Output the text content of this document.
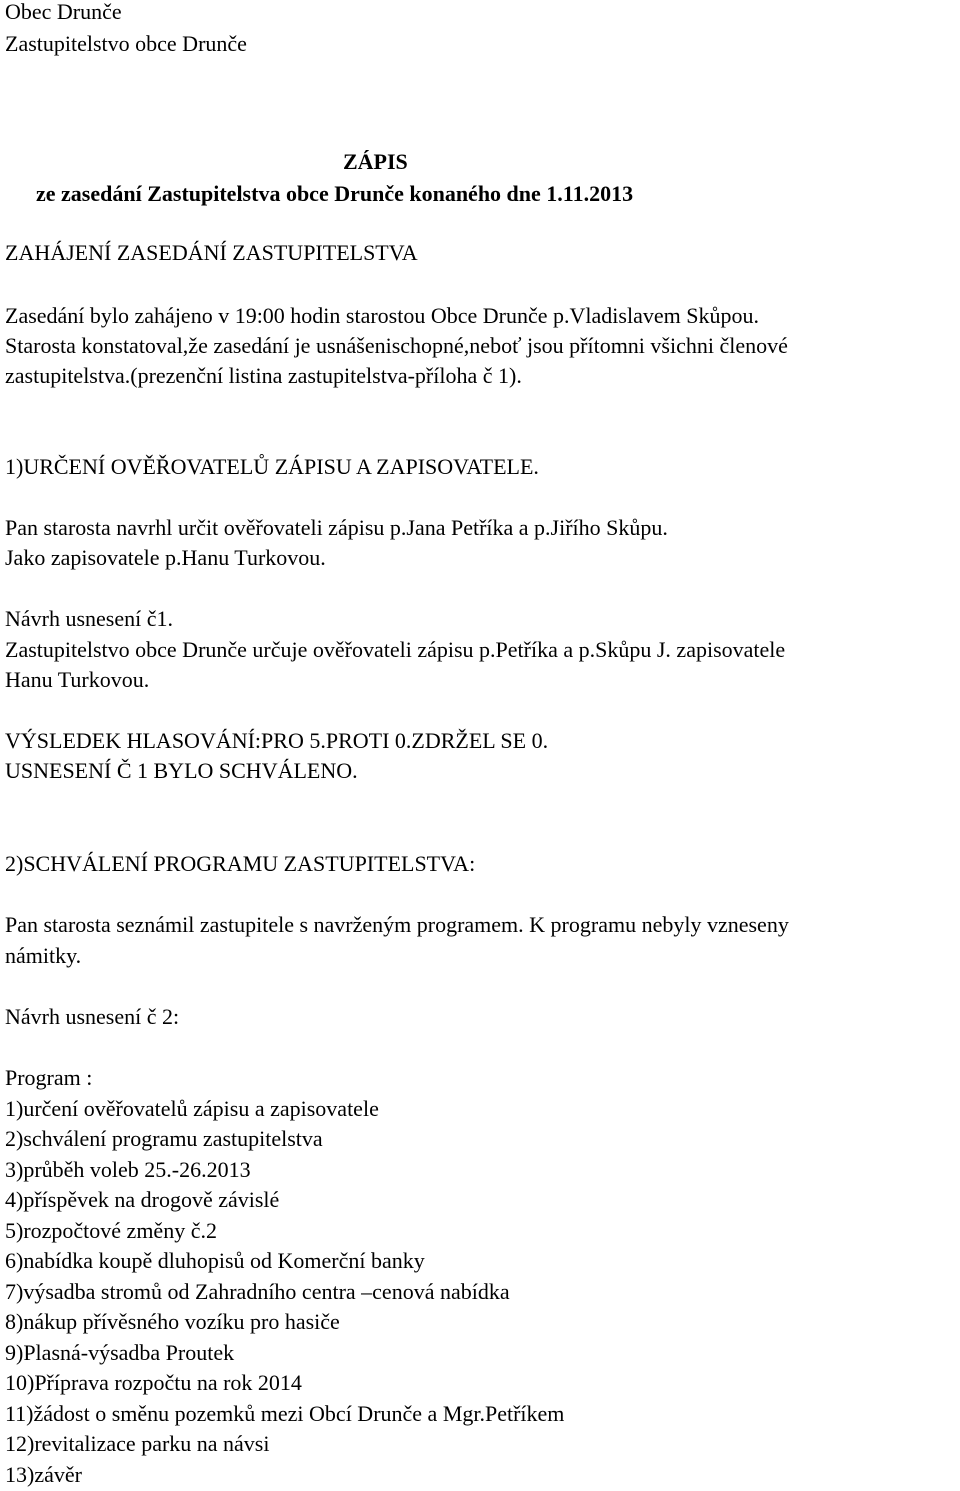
Obec Drunče
Zastupitelstvo obce Drunče
ZÁPIS
ze zasedání Zastupitelstva obce Drunče konaného dne 1.11.2013
ZAHÁJENÍ ZASEDÁNÍ ZASTUPITELSTVA
Zasedání bylo zahájeno v 19:00 hodin starostou Obce Drunče p.Vladislavem Skůpou.
Starosta konstatoval,že zasedání je usnášenischopné,neboť jsou přítomni všichni členové
zastupitelstva.(prezenční listina zastupitelstva-příloha č 1).
1)URČENÍ OVĚŘOVATELŮ ZÁPISU A ZAPISOVATELE.
Pan starosta navrhl určit ověřovateli zápisu p.Jana Petříka a p.Jiřího Skůpu.
Jako zapisovatele p.Hanu Turkovou.
Návrh usnesení č1.
Zastupitelstvo obce Drunče určuje ověřovateli zápisu p.Petříka a p.Skůpu J. zapisovatele
Hanu Turkovou.
VÝSLEDEK HLASOVÁNÍ:PRO 5.PROTI 0.ZDRŽEL SE 0.
USNESENÍ Č 1 BYLO SCHVÁLENO.
2)SCHVÁLENÍ PROGRAMU ZASTUPITELSTVA:
Pan starosta seznámil zastupitele s navrženým programem. K programu nebyly vzneseny
námitky.
Návrh usnesení č 2:
Program :
1)určení ověřovatelů zápisu a zapisovatele
2)schválení programu zastupitelstva
3)průběh voleb 25.-26.2013
4)příspěvek na drogově závislé
5)rozpočtové změny č.2
6)nabídka koupě dluhopisů od Komerční banky
7)výsadba stromů od Zahradního centra –cenová nabídka
8)nákup přívěsného vozíku pro hasiče
9)Plasná-výsadba Proutek
10)Příprava rozpočtu na rok 2014
11)žádost o směnu pozemků mezi Obcí Drunče a Mgr.Petříkem
12)revitalizace parku na návsi
13)závěr
